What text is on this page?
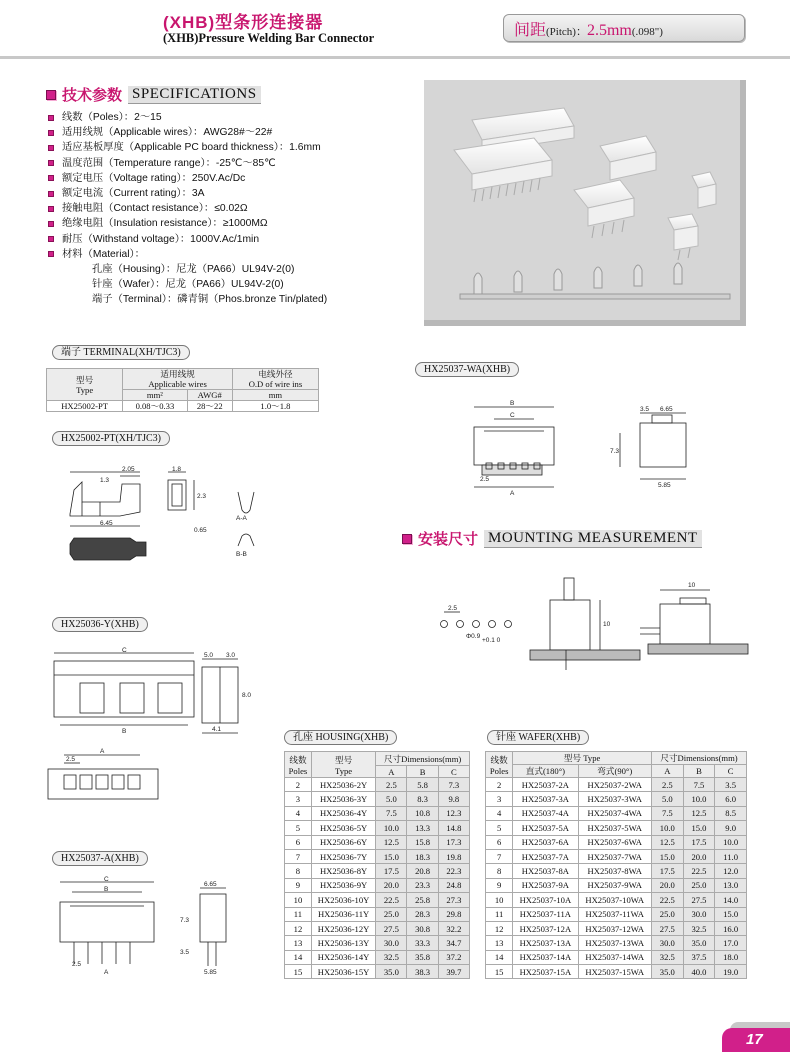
(XHB)型条形连接器
(XHB)Pressure Welding Bar Connector	间距(Pitch)：2.5mm(.098")
技术参数 SPECIFICATIONS
线数（Poles）：2～15
适用线规（Applicable wires）：AWG28#～22#
适应基板厚度（Applicable PC board thickness）：1.6mm
温度范围（Temperature range）：-25℃～85℃
额定电压（Voltage rating）：250V.Ac/Dc
额定电流（Current rating）：3A
接触电阻（Contact resistance）：≤0.02Ω
绝缘电阻（Insulation resistance）：≥1000MΩ
耐压（Withstand voltage）：1000V.Ac/1min
材料（Material）：
孔座（Housing）：尼龙（PA66）UL94V-2(0)
针座（Wafer）：尼龙（PA66）UL94V-2(0)
端子（Terminal）：磷青铜（Phos.bronze Tin/plated)
端子 TERMINAL(XH/TJC3)
型号
Type	适用线规
Applicable wires		电线外径
O.D of wire ins
	mm²	AWG#	mm
HX25002-PT	0.08～0.33	28～22	1.0～1.8
HX25002-PT(XH/TJC3)
2.05	1.8
1.3
2.3
6.45
0.65
A-A
B-B
HX25037-WA(XHB)
B
C
2.5
A
3.5 6.65
7.3
5.85
安装尺寸 MOUNTING MEASUREMENT
2.5
Φ0.9
+0.1 0
10
10
HX25036-Y(XHB)
C
B
5.0 3.0
8.0
4.1
A
2.5
HX25037-A(XHB)
C
B
A
2.5
6.65
7.3
3.5
5.85
孔座 HOUSING(XHB)
线数
Poles	型号
Type	尺寸Dimensions(mm)		
		A	B	C
2	HX25036-2Y	2.5	5.8	7.3
3	HX25036-3Y	5.0	8.3	9.8
4	HX25036-4Y	7.5	10.8	12.3
5	HX25036-5Y	10.0	13.3	14.8
6	HX25036-6Y	12.5	15.8	17.3
7	HX25036-7Y	15.0	18.3	19.8
8	HX25036-8Y	17.5	20.8	22.3
9	HX25036-9Y	20.0	23.3	24.8
10	HX25036-10Y	22.5	25.8	27.3
11	HX25036-11Y	25.0	28.3	29.8
12	HX25036-12Y	27.5	30.8	32.2
13	HX25036-13Y	30.0	33.3	34.7
14	HX25036-14Y	32.5	35.8	37.2
15	HX25036-15Y	35.0	38.3	39.7
针座 WAFER(XHB)
线数
Poles	型号 Type		尺寸Dimensions(mm)		
	直式(180°)	弯式(90°)	A	B	C
2	HX25037-2A	HX25037-2WA	2.5	7.5	3.5
3	HX25037-3A	HX25037-3WA	5.0	10.0	6.0
4	HX25037-4A	HX25037-4WA	7.5	12.5	8.5
5	HX25037-5A	HX25037-5WA	10.0	15.0	9.0
6	HX25037-6A	HX25037-6WA	12.5	17.5	10.0
7	HX25037-7A	HX25037-7WA	15.0	20.0	11.0
8	HX25037-8A	HX25037-8WA	17.5	22.5	12.0
9	HX25037-9A	HX25037-9WA	20.0	25.0	13.0
10	HX25037-10A	HX25037-10WA	22.5	27.5	14.0
11	HX25037-11A	HX25037-11WA	25.0	30.0	15.0
12	HX25037-12A	HX25037-12WA	27.5	32.5	16.0
13	HX25037-13A	HX25037-13WA	30.0	35.0	17.0
14	HX25037-14A	HX25037-14WA	32.5	37.5	18.0
15	HX25037-15A	HX25037-15WA	35.0	40.0	19.0
17
